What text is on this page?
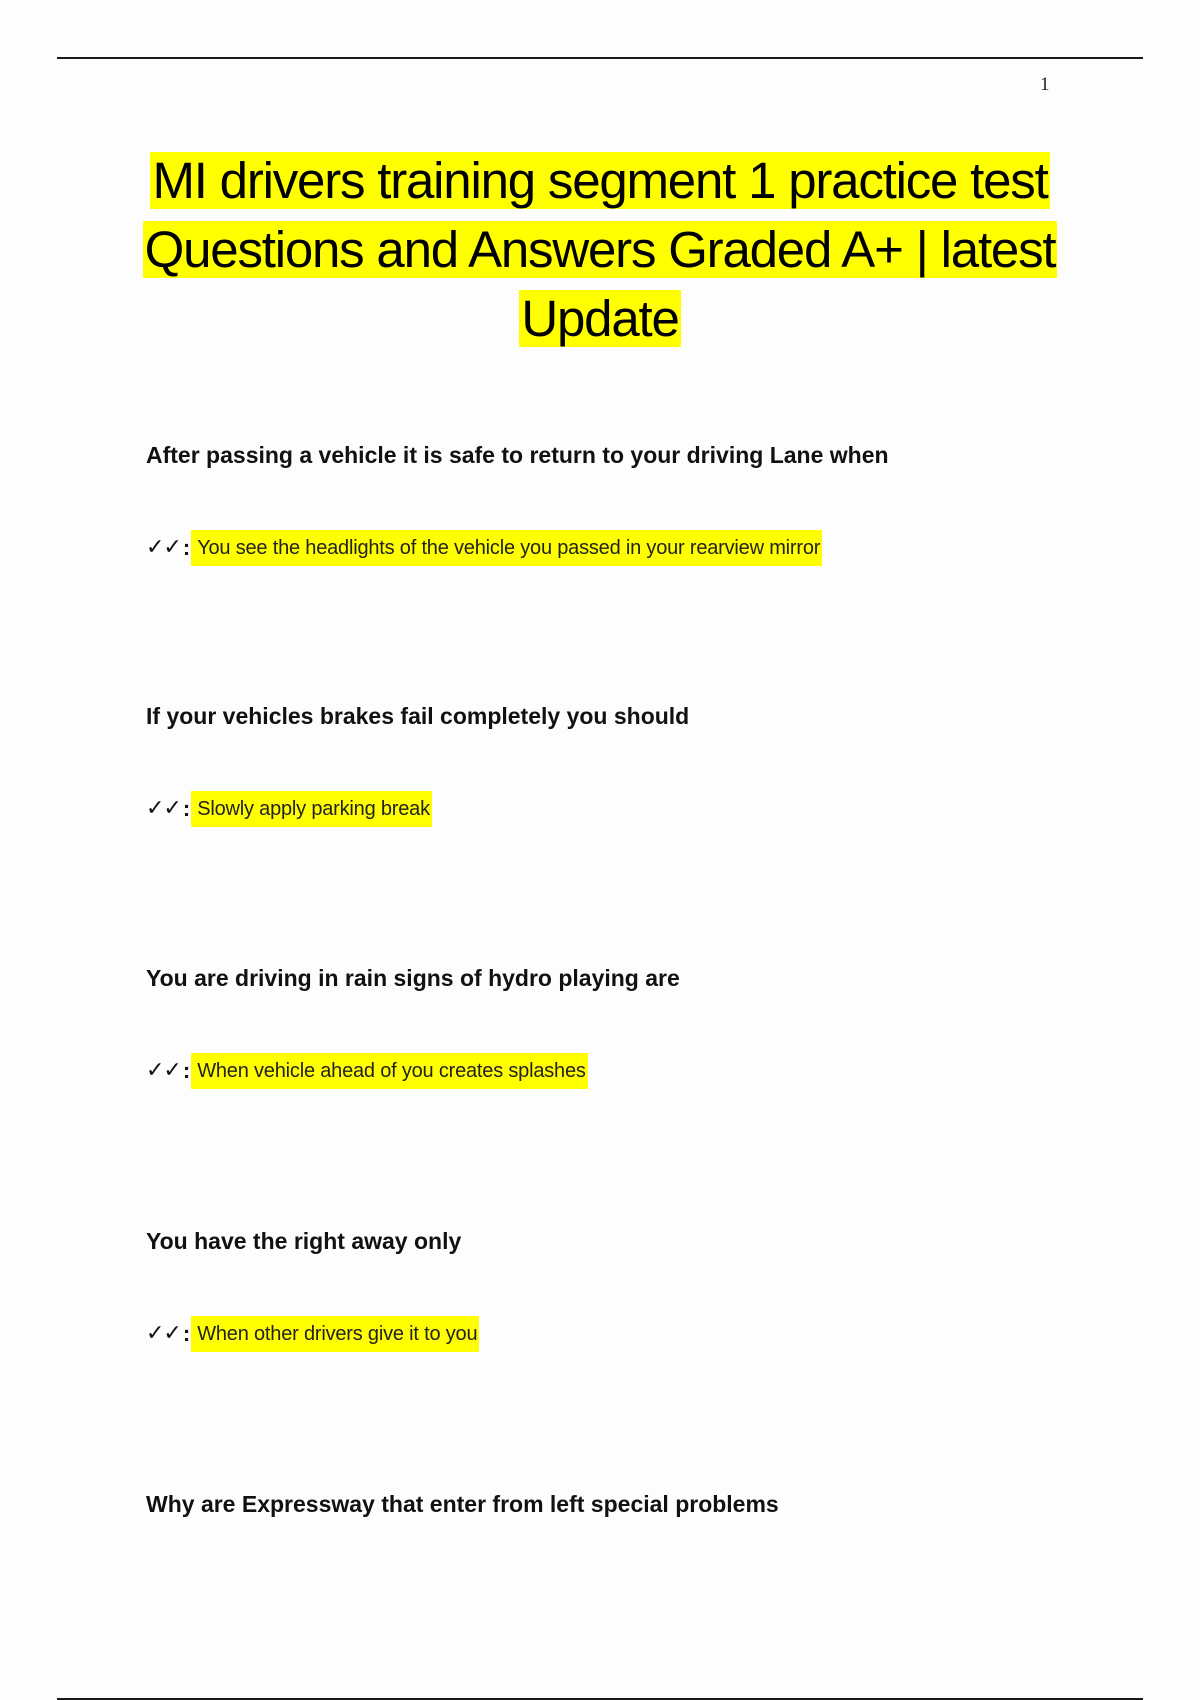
1
MI drivers training segment 1 practice test
Questions and Answers Graded A+ | latest
Update

After passing a vehicle it is safe to return to your driving Lane when

✓✓ : You see the headlights of the vehicle you passed in your rearview mirror

If your vehicles brakes fail completely you should

✓✓ : Slowly apply parking break

You are driving in rain signs of hydro playing are

✓✓ : When vehicle ahead of you creates splashes

You have the right away only

✓✓ : When other drivers give it to you

Why are Expressway that enter from left special problems
